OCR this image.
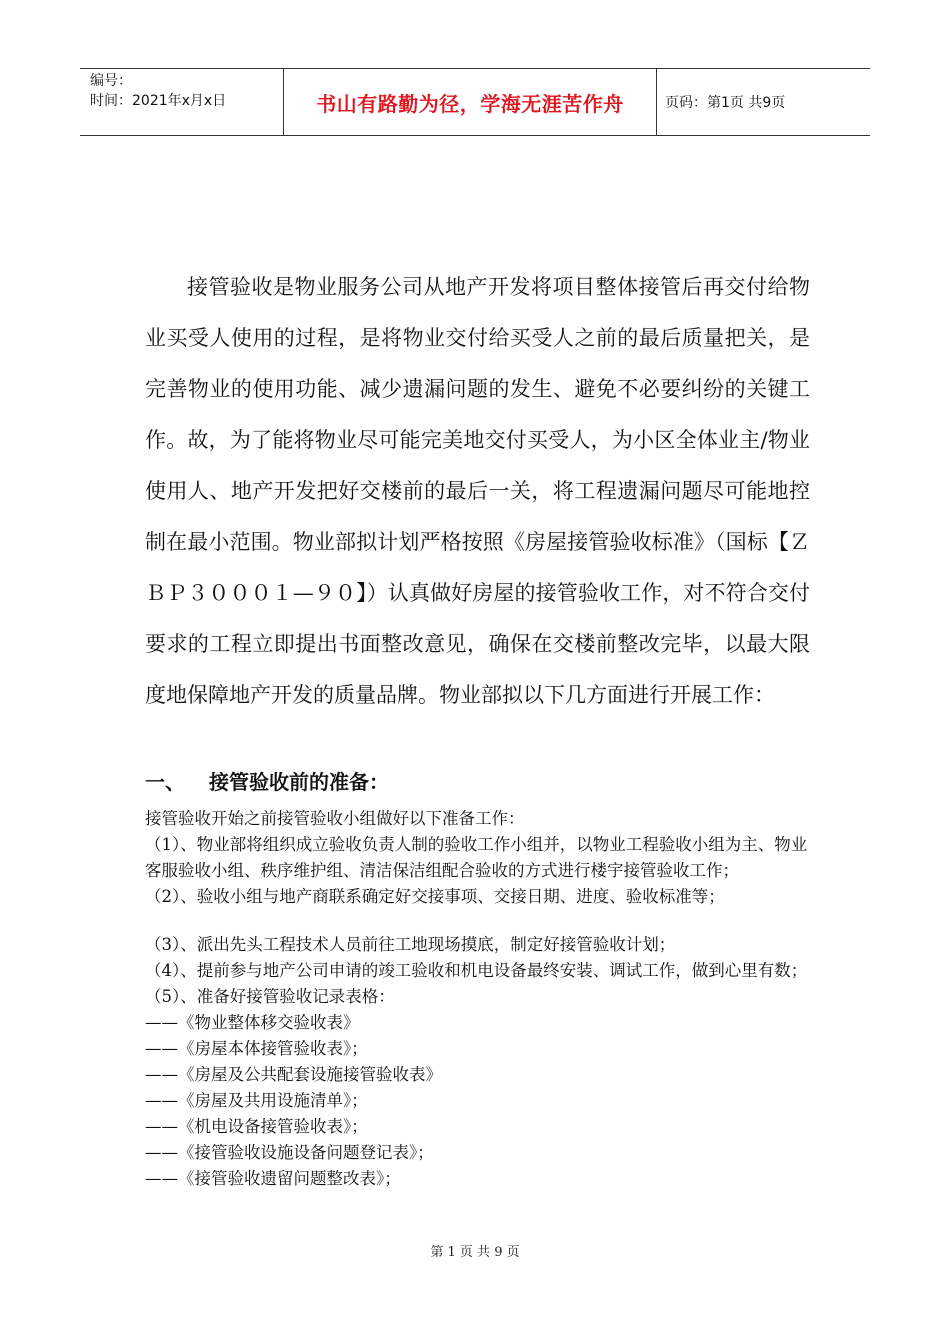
编号：
时间：2021年x月x日	书山有路勤为径，学海无涯苦作舟	页码：第1页 共9页

接管验收是物业服务公司从地产开发将项目整体接管后再交付给物业买受人使用的过程，是将物业交付给买受人之前的最后质量把关，是完善物业的使用功能、减少遗漏问题的发生、避免不必要纠纷的关键工作。故，为了能将物业尽可能完美地交付买受人，为小区全体业主/物业使用人、地产开发把好交楼前的最后一关，将工程遗漏问题尽可能地控制在最小范围。物业部拟计划严格按照《房屋接管验收标准》（国标【ＺＢＰ３０００１—９０】）认真做好房屋的接管验收工作，对不符合交付要求的工程立即提出书面整改意见，确保在交楼前整改完毕，以最大限度地保障地产开发的质量品牌。物业部拟以下几方面进行开展工作：

一、 接管验收前的准备：
接管验收开始之前接管验收小组做好以下准备工作：
（1）、物业部将组织成立验收负责人制的验收工作小组并，以物业工程验收小组为主、物业客服验收小组、秩序维护组、清洁保洁组配合验收的方式进行楼宇接管验收工作；
（2）、验收小组与地产商联系确定好交接事项、交接日期、进度、验收标准等；
（3）、派出先头工程技术人员前往工地现场摸底，制定好接管验收计划；
（4）、提前参与地产公司申请的竣工验收和机电设备最终安装、调试工作，做到心里有数；
（5）、准备好接管验收记录表格：
——《物业整体移交验收表》
——《房屋本体接管验收表》；
——《房屋及公共配套设施接管验收表》
——《房屋及共用设施清单》；
——《机电设备接管验收表》；
——《接管验收设施设备问题登记表》；
——《接管验收遗留问题整改表》；
第 1 页 共 9 页
